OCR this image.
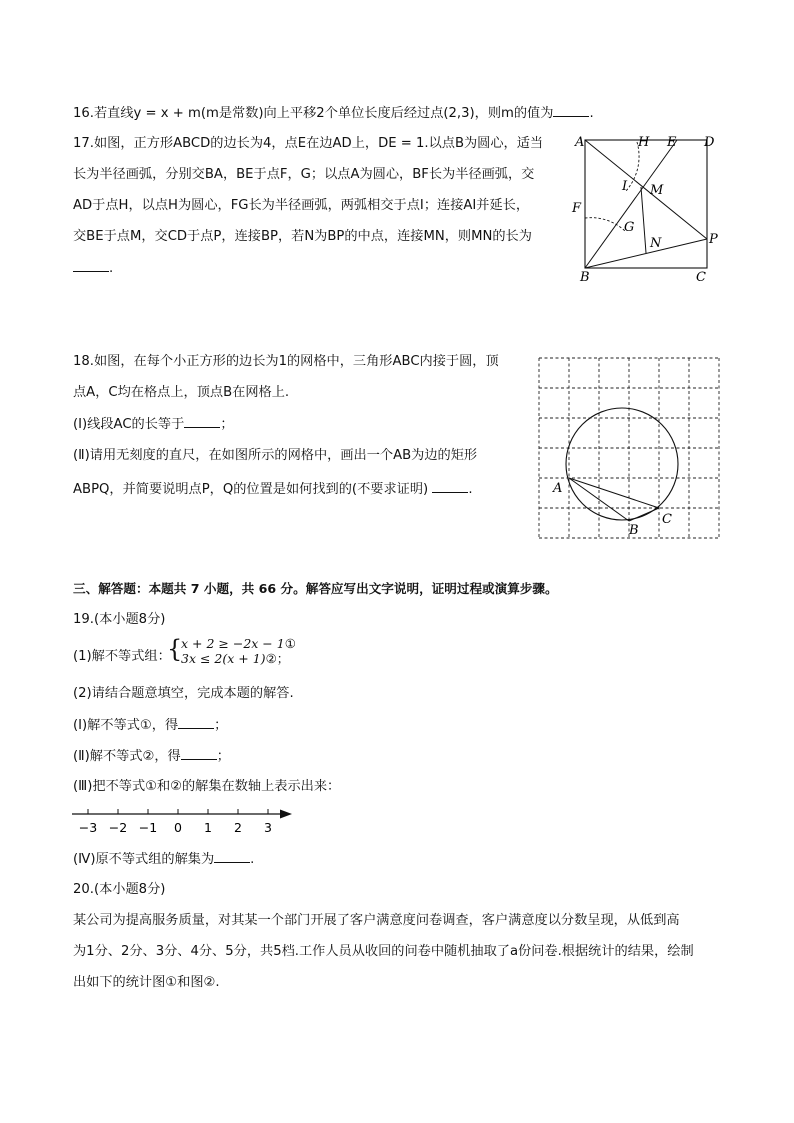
16.若直线y = x + m(m是常数)向上平移2个单位长度后经过点(2,3)，则m的值为	.
17.如图，正方形ABCD的边长为4，点E在边AD上，DE = 1.以点B为圆心，适当
长为半径画弧，分别交BA，BE于点F，G；以点A为圆心，BF长为半径画弧，交
AD于点H，以点H为圆心，FG长为半径画弧，两弧相交于点I；连接AI并延长，
交BE于点M，交CD于点P，连接BP，若N为BP的中点，连接MN，则MN的长为
.
A	H E D
I M
F
G
N	P
B	C
18.如图，在每个小正方形的边长为1的网格中，三角形ABC内接于圆，顶
点A，C均在格点上，顶点B在网格上.
(Ⅰ)线段AC的长等于	；
(Ⅱ)请用无刻度的直尺，在如图所示的网格中，画出一个AB为边的矩形
ABPQ，并简要说明点P，Q的位置是如何找到的(不要求证明)	.	A
B
C
三、解答题：本题共 7 小题，共 66 分。解答应写出文字说明，证明过程或演算步骤。
19.(本小题8分)
(1)解不等式组：
{
x + 2 ≥ −2x − 1①
3x ≤ 2(x + 1)②；
(2)请结合题意填空，完成本题的解答.
(Ⅰ)解不等式①，得	；
(Ⅱ)解不等式②，得	；
(Ⅲ)把不等式①和②的解集在数轴上表示出来：
−3 −2 −1 0 1 2 3
(Ⅳ)原不等式组的解集为	.
20.(本小题8分)
某公司为提高服务质量，对其某一个部门开展了客户满意度问卷调查，客户满意度以分数呈现，从低到高
为1分、2分、3分、4分、5分，共5档.工作人员从收回的问卷中随机抽取了a份问卷.根据统计的结果，绘制
出如下的统计图①和图②.
